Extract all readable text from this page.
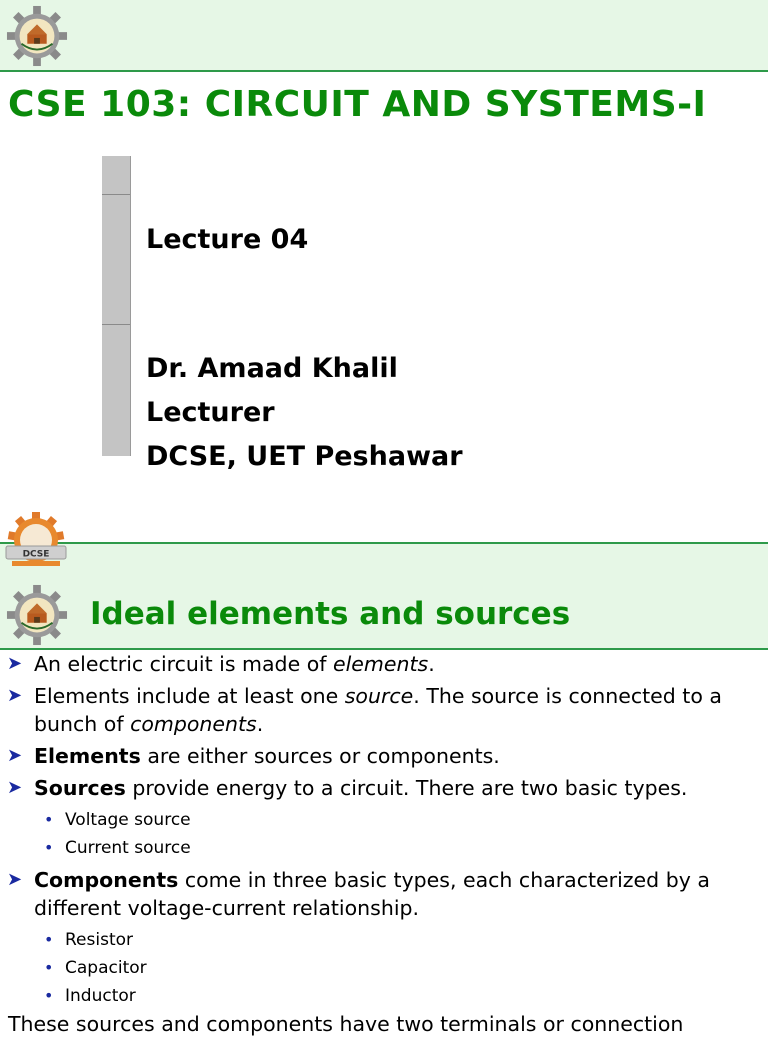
CSE 103: CIRCUIT AND SYSTEMS-I

Lecture 04

Dr. Amaad Khalil

Lecturer

DCSE, UET Peshawar

Ideal elements and sources
DCSE
➤ An electric circuit is made of elements.
➤ Elements include at least one source. The source is connected to a bunch of components.
➤ Elements are either sources or components.
➤ Sources provide energy to a circuit. There are two basic types.
• Voltage source
• Current source
➤ Components come in three basic types, each characterized by a different voltage-current relationship.
• Resistor
• Capacitor
• Inductor
These sources and components have two terminals or connection
